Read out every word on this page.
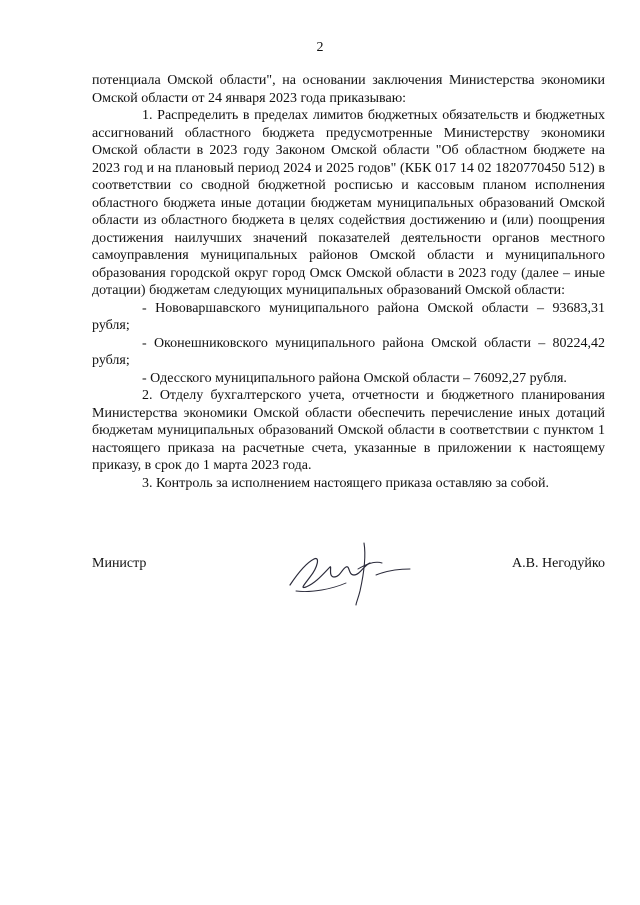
2

потенциала Омской области", на основании заключения Министерства экономики Омской области от 24 января 2023 года приказываю:

1. Распределить в пределах лимитов бюджетных обязательств и бюджетных ассигнований областного бюджета предусмотренные Министерству экономики Омской области в 2023 году Законом Омской области "Об областном бюджете на 2023 год и на плановый период 2024 и 2025 годов" (КБК 017 14 02 1820770450 512) в соответствии со сводной бюджетной росписью и кассовым планом исполнения областного бюджета иные дотации бюджетам муниципальных образований Омской области из областного бюджета в целях содействия достижению и (или) поощрения достижения наилучших значений показателей деятельности органов местного самоуправления муниципальных районов Омской области и муниципального образования городской округ город Омск Омской области в 2023 году (далее – иные дотации) бюджетам следующих муниципальных образований Омской области:

- Нововаршавского муниципального района Омской области – 93683,31 рубля;

- Оконешниковского муниципального района Омской области – 80224,42 рубля;

- Одесского муниципального района Омской области – 76092,27 рубля.

2. Отделу бухгалтерского учета, отчетности и бюджетного планирования Министерства экономики Омской области обеспечить перечисление иных дотаций бюджетам муниципальных образований Омской области в соответствии с пунктом 1 настоящего приказа на расчетные счета, указанные в приложении к настоящему приказу, в срок до 1 марта 2023 года.

3. Контроль за исполнением настоящего приказа оставляю за собой.

Министр	А.В. Негодуйко
